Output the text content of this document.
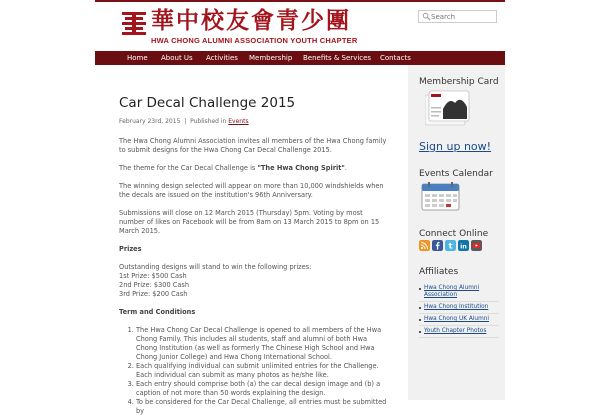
華中校友會青少團
HWA CHONG ALUMNI ASSOCIATION YOUTH CHAPTER
Search
Home About Us Activities Membership Benefits & Services Contacts
Car Decal Challenge 2015
February 23rd, 2015 | Published in Events

The Hwa Chong Alumni Association invites all members of the Hwa Chong family to submit designs for the Hwa Chong Car Decal Challenge 2015.

The theme for the Car Decal Challenge is "The Hwa Chong Spirit".

The winning design selected will appear on more than 10,000 windshields when the decals are issued on the institution's 96th Anniversary.

Submissions will close on 12 March 2015 (Thursday) 5pm. Voting by most number of likes on Facebook will be from 8am on 13 March 2015 to 8pm on 15 March 2015.

Prizes

Outstanding designs will stand to win the following prizes:
1st Prize: $500 Cash
2nd Prize: $300 Cash
3rd Prize: $200 Cash

Term and Conditions

1. The Hwa Chong Car Decal Challenge is opened to all members of the Hwa Chong Family. This includes all students, staff and alumni of both Hwa Chong Institution (as well as formerly The Chinese High School and Hwa Chong Junior College) and Hwa Chong International School.
2. Each qualifying individual can submit unlimited entries for the Challenge. Each individual can submit as many photos as he/she like.
3. Each entry should comprise both (a) the car decal design image and (b) a caption of not more than 50 words explaining the design.
4. To be considered for the Car Decal Challenge, all entries must be submitted by
Membership Card
Sign up now!
Events Calendar
Connect Online
t in
Affiliates
Hwa Chong Alumni Association
Hwa Chong Institution
Hwa Chong UK Alumni
Youth Chapter Photos
